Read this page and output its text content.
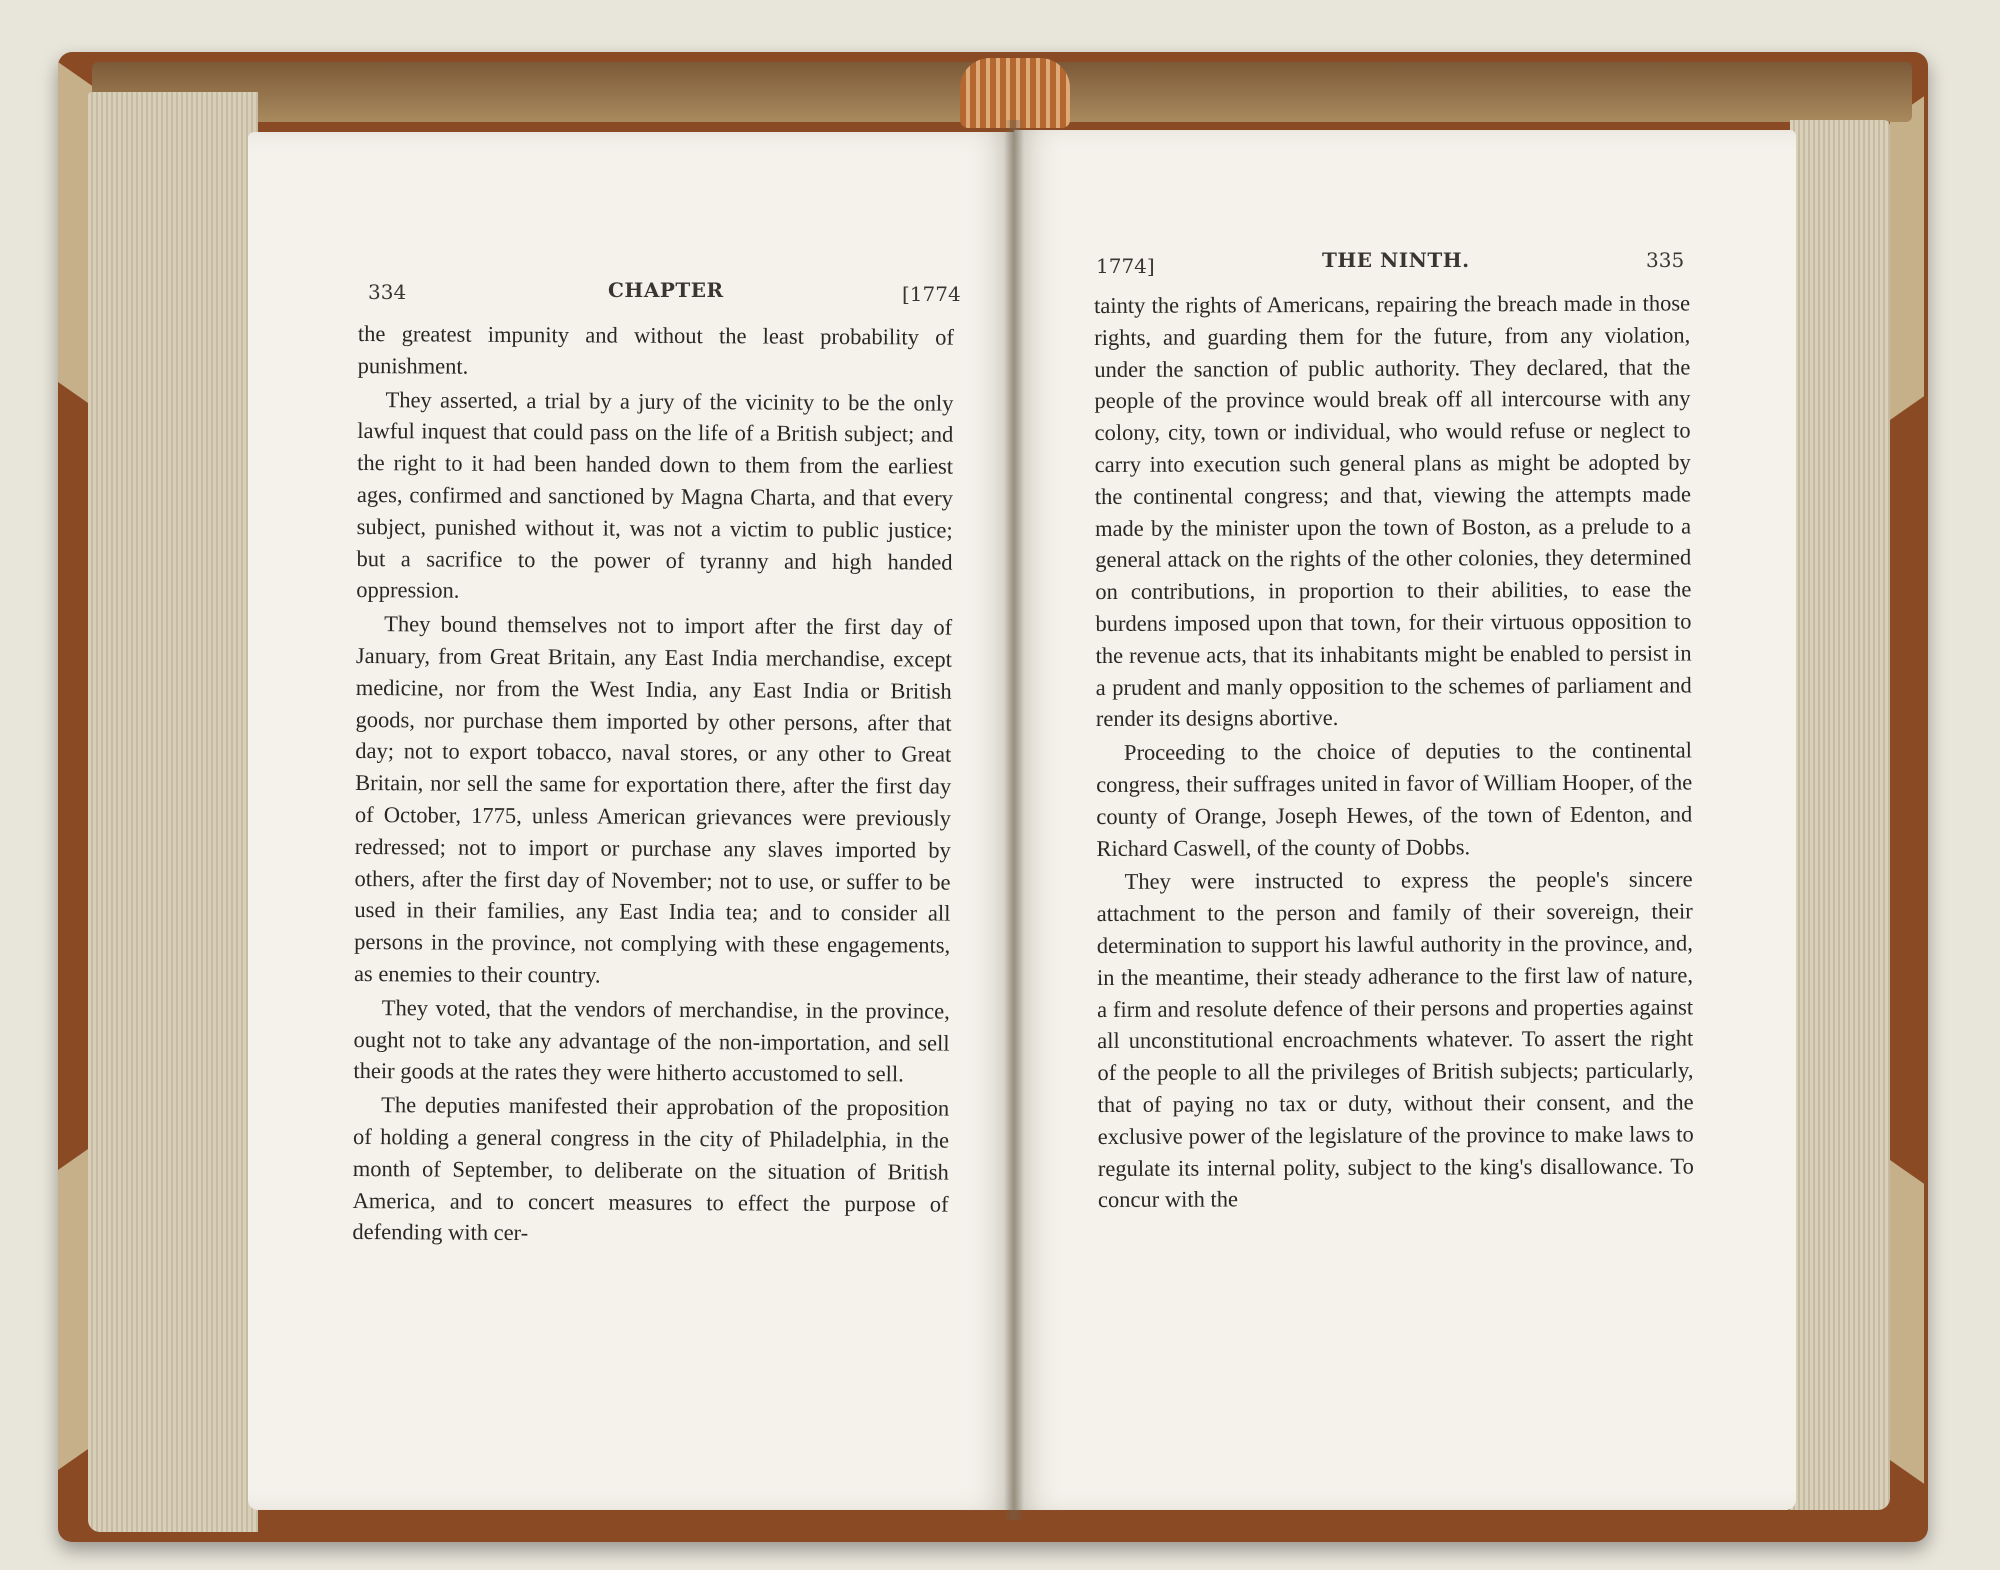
334	CHAPTER	[1774
1774]	THE NINTH.	335

the greatest impunity and without the least probability of punishment.

They asserted, a trial by a jury of the vicinity to be the only lawful inquest that could pass on the life of a British subject; and the right to it had been handed down to them from the earliest ages, confirmed and sanctioned by Magna Charta, and that every subject, punished without it, was not a victim to public justice; but a sacrifice to the power of tyranny and high handed oppression.

They bound themselves not to import after the first day of January, from Great Britain, any East India merchandise, except medicine, nor from the West India, any East India or British goods, nor purchase them imported by other persons, after that day; not to export tobacco, naval stores, or any other to Great Britain, nor sell the same for exportation there, after the first day of October, 1775, unless American grievances were previously redressed; not to import or purchase any slaves imported by others, after the first day of November; not to use, or suffer to be used in their families, any East India tea; and to consider all persons in the province, not complying with these engagements, as enemies to their country.

They voted, that the vendors of merchandise, in the province, ought not to take any advantage of the non-importation, and sell their goods at the rates they were hitherto accustomed to sell.

The deputies manifested their approbation of the proposition of holding a general congress in the city of Philadelphia, in the month of September, to deliberate on the situation of British America, and to concert measures to effect the purpose of defending with cer-

tainty the rights of Americans, repairing the breach made in those rights, and guarding them for the future, from any violation, under the sanction of public authority. They declared, that the people of the province would break off all intercourse with any colony, city, town or individual, who would refuse or neglect to carry into execution such general plans as might be adopted by the continental congress; and that, viewing the attempts made made by the minister upon the town of Boston, as a prelude to a general attack on the rights of the other colonies, they determined on contributions, in proportion to their abilities, to ease the burdens imposed upon that town, for their virtuous opposition to the revenue acts, that its inhabitants might be enabled to persist in a prudent and manly opposition to the schemes of parliament and render its designs abortive.

Proceeding to the choice of deputies to the continental congress, their suffrages united in favor of William Hooper, of the county of Orange, Joseph Hewes, of the town of Edenton, and Richard Caswell, of the county of Dobbs.

They were instructed to express the people's sincere attachment to the person and family of their sovereign, their determination to support his lawful authority in the province, and, in the meantime, their steady adherance to the first law of nature, a firm and resolute defence of their persons and properties against all unconstitutional encroachments whatever. To assert the right of the people to all the privileges of British subjects; particularly, that of paying no tax or duty, without their consent, and the exclusive power of the legislature of the province to make laws to regulate its internal polity, subject to the king's disallowance. To concur with the
